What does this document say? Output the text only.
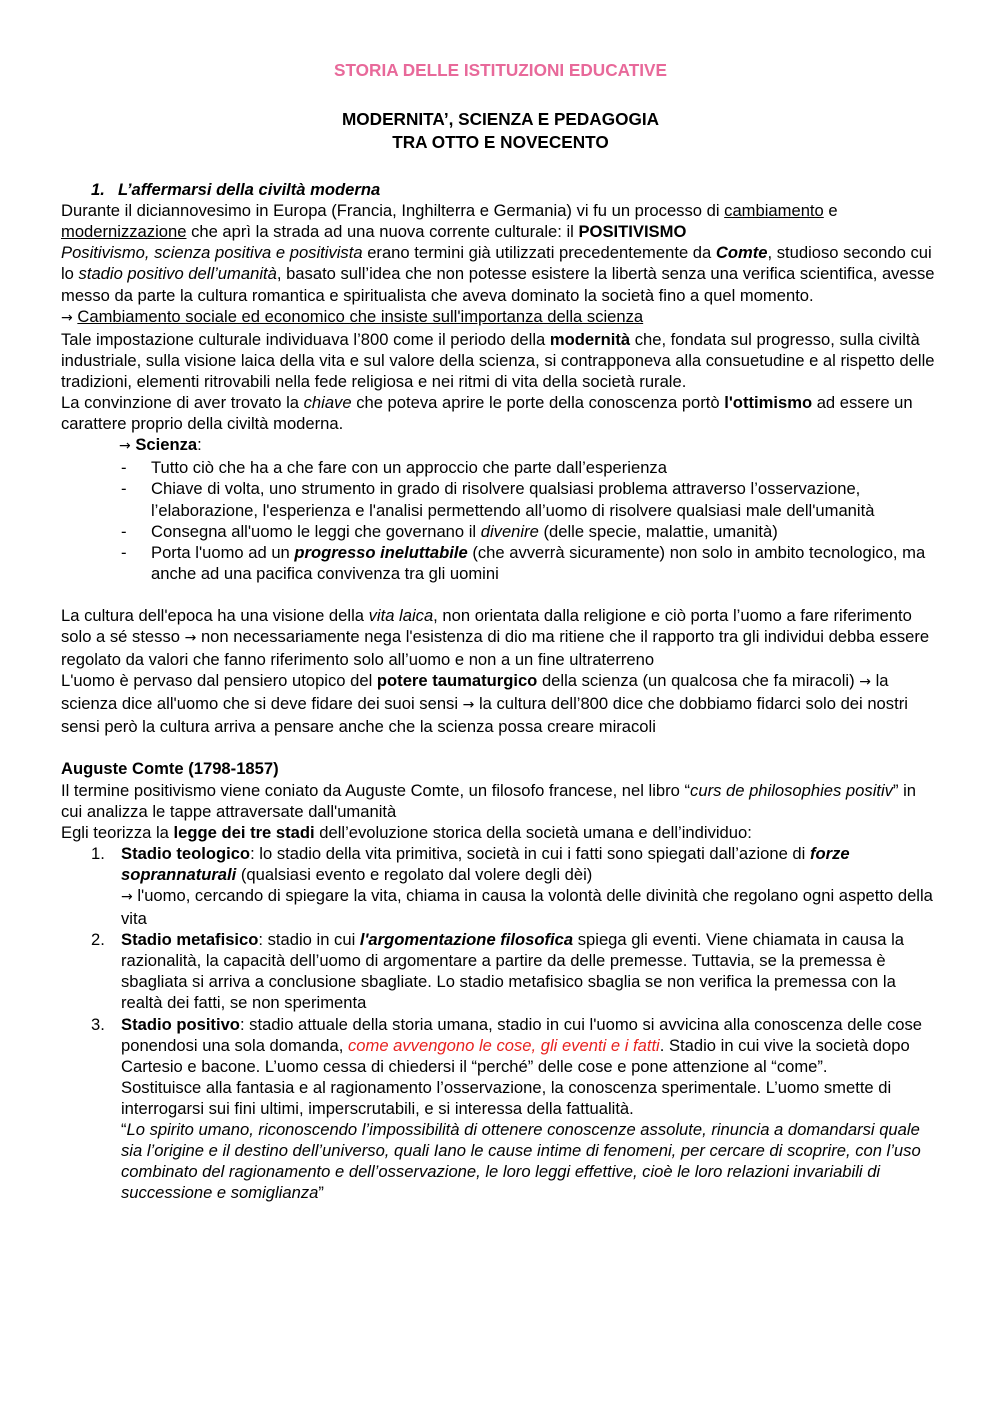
STORIA DELLE ISTITUZIONI EDUCATIVE
MODERNITA’, SCIENZA E PEDAGOGIA
TRA OTTO E NOVECENTO

1. L’affermarsi della civiltà moderna

Durante il diciannovesimo in Europa (Francia, Inghilterra e Germania) vi fu un processo di cambiamento e modernizzazione che aprì la strada ad una nuova corrente culturale: il POSITIVISMO

Positivismo, scienza positiva e positivista erano termini già utilizzati precedentemente da Comte, studioso secondo cui lo stadio positivo dell’umanità, basato sull’idea che non potesse esistere la libertà senza una verifica scientifica, avesse messo da parte la cultura romantica e spiritualista che aveva dominato la società fino a quel momento.

→ Cambiamento sociale ed economico che insiste sull'importanza della scienza

Tale impostazione culturale individuava l’800 come il periodo della modernità che, fondata sul progresso, sulla civiltà industriale, sulla visione laica della vita e sul valore della scienza, si contrapponeva alla consuetudine e al rispetto delle tradizioni, elementi ritrovabili nella fede religiosa e nei ritmi di vita della società rurale.

La convinzione di aver trovato la chiave che poteva aprire le porte della conoscenza portò l'ottimismo ad essere un carattere proprio della civiltà moderna.

→ Scienza:

- Tutto ciò che ha a che fare con un approccio che parte dall’esperienza
- Chiave di volta, uno strumento in grado di risolvere qualsiasi problema attraverso l’osservazione, l’elaborazione, l'esperienza e l'analisi permettendo all’uomo di risolvere qualsiasi male dell'umanità
- Consegna all'uomo le leggi che governano il divenire (delle specie, malattie, umanità)
- Porta l'uomo ad un progresso ineluttabile (che avverrà sicuramente) non solo in ambito tecnologico, ma anche ad una pacifica convivenza tra gli uomini

La cultura dell'epoca ha una visione della vita laica, non orientata dalla religione e ciò porta l’uomo a fare riferimento solo a sé stesso → non necessariamente nega l'esistenza di dio ma ritiene che il rapporto tra gli individui debba essere regolato da valori che fanno riferimento solo all’uomo e non a un fine ultraterreno

L'uomo è pervaso dal pensiero utopico del potere taumaturgico della scienza (un qualcosa che fa miracoli) → la scienza dice all'uomo che si deve fidare dei suoi sensi → la cultura dell’800 dice che dobbiamo fidarci solo dei nostri sensi però la cultura arriva a pensare anche che la scienza possa creare miracoli

Auguste Comte (1798-1857)

Il termine positivismo viene coniato da Auguste Comte, un filosofo francese, nel libro “curs de philosophies positiv” in cui analizza le tappe attraversate dall'umanità

Egli teorizza la legge dei tre stadi dell’evoluzione storica della società umana e dell’individuo:

1. Stadio teologico: lo stadio della vita primitiva, società in cui i fatti sono spiegati dall’azione di forze soprannaturali (qualsiasi evento e regolato dal volere degli dèi)
→ l'uomo, cercando di spiegare la vita, chiama in causa la volontà delle divinità che regolano ogni aspetto della vita
2. Stadio metafisico: stadio in cui l'argomentazione filosofica spiega gli eventi. Viene chiamata in causa la razionalità, la capacità dell’uomo di argomentare a partire da delle premesse. Tuttavia, se la premessa è sbagliata si arriva a conclusione sbagliate. Lo stadio metafisico sbaglia se non verifica la premessa con la realtà dei fatti, se non sperimenta
3. Stadio positivo: stadio attuale della storia umana, stadio in cui l'uomo si avvicina alla conoscenza delle cose ponendosi una sola domanda, come avvengono le cose, gli eventi e i fatti. Stadio in cui vive la società dopo Cartesio e bacone. L’uomo cessa di chiedersi il “perché” delle cose e pone attenzione al “come”.
Sostituisce alla fantasia e al ragionamento l’osservazione, la conoscenza sperimentale. L’uomo smette di interrogarsi sui fini ultimi, imperscrutabili, e si interessa della fattualità.
“Lo spirito umano, riconoscendo l’impossibilità di ottenere conoscenze assolute, rinuncia a domandarsi quale sia l’origine e il destino dell’universo, quali Iano le cause intime di fenomeni, per cercare di scoprire, con l’uso combinato del ragionamento e dell’osservazione, le loro leggi effettive, cioè le loro relazioni invariabili di successione e somiglianza”
